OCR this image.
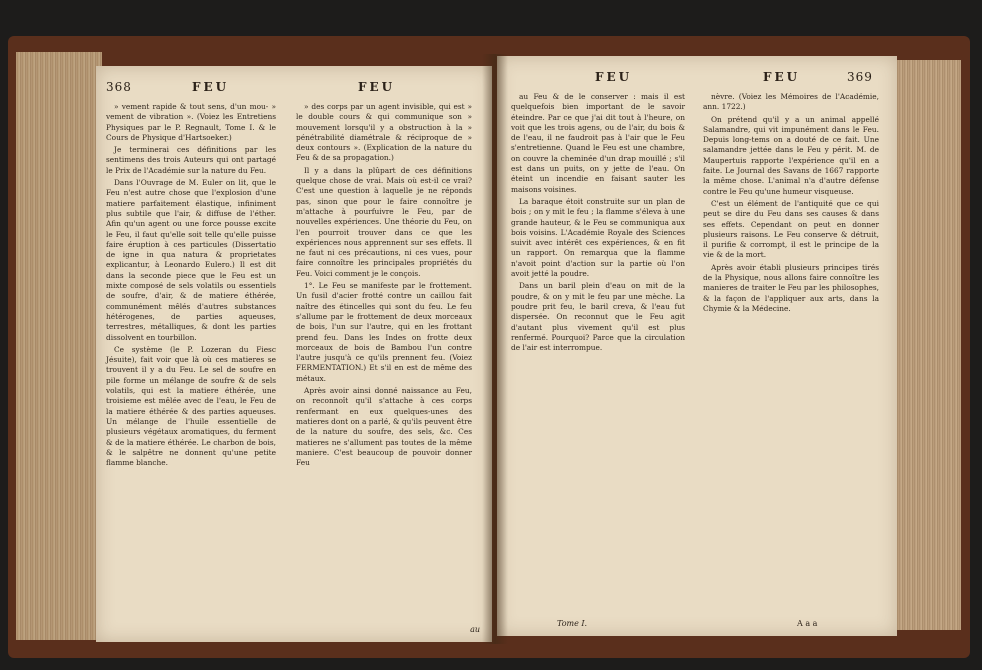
368	FEU	FEU

» vement rapide & tout sens, d'un mou- » vement de vibration ». (Voiez les Entretiens Physiques par le P. Regnault, Tome I. & le Cours de Physique d'Hartsoeker.)

Je terminerai ces définitions par les sentimens des trois Auteurs qui ont partagé le Prix de l'Académie sur la nature du Feu.

Dans l'Ouvrage de M. Euler on lit, que le Feu n'est autre chose que l'explosion d'une matiere parfaitement élastique, infiniment plus subtile que l'air, & diffuse de l'éther. Afin qu'un agent ou une force pousse excite le Feu, il faut qu'elle soit telle qu'elle puisse faire éruption à ces particules (Dissertatio de igne in qua natura & proprietates explicantur, à Leonardo Eulero.) Il est dit dans la seconde piece que le Feu est un mixte composé de sels volatils ou essentiels de soufre, d'air, & de matiere éthérée, communément mêlés d'autres substances hétérogenes, de parties aqueuses, terrestres, métalliques, & dont les parties dissolvent en tourbillon.

Ce système (le P. Lozeran du Fiesc Jésuite), fait voir que là où ces matieres se trouvent il y a du Feu. Le sel de soufre en pile forme un mélange de soufre & de sels volatils, qui est la matiere éthérée, une troisieme est mêlée avec de l'eau, le Feu de la matiere éthérée & des parties aqueuses. Un mélange de l'huile essentielle de plusieurs végétaux aromatiques, du ferment & de la matiere éthérée. Le charbon de bois, & le salpêtre ne donnent qu'une petite flamme blanche.

» des corps par un agent invisible, qui est » le double cours & qui communique son » mouvement lorsqu'il y a obstruction à la » pénétrabilité diamétrale & réciproque de » deux contours ». (Explication de la nature du Feu & de sa propagation.)

Il y a dans la plûpart de ces définitions quelque chose de vrai. Mais où est-il ce vrai? C'est une question à laquelle je ne réponds pas, sinon que pour le faire connoître je m'attache à pourfuivre le Feu, par de nouvelles expériences. Une théorie du Feu, on l'en pourroit trouver dans ce que les expériences nous apprennent sur ses effets. Il ne faut ni ces précautions, ni ces vues, pour faire connoître les principales propriétés du Feu. Voici comment je le conçois.

1°. Le Feu se manifeste par le frottement. Un fusil d'acier frotté contre un caillou fait naître des étincelles qui sont du feu. Le feu s'allume par le frottement de deux morceaux de bois, l'un sur l'autre, qui en les frottant prend feu. Dans les Indes on frotte deux morceaux de bois de Bambou l'un contre l'autre jusqu'à ce qu'ils prennent feu. (Voiez FERMENTATION.) Et s'il en est de même des métaux.

Après avoir ainsi donné naissance au Feu, on reconnoît qu'il s'attache à ces corps renfermant en eux quelques-unes des matieres dont on a parlé, & qu'ils peuvent être de la nature du soufre, des sels, &c. Ces matieres ne s'allument pas toutes de la même maniere. C'est beaucoup de pouvoir donner Feu

au
FEU	FEU	369

au Feu & de le conserver : mais il est quelquefois bien important de le savoir éteindre. Par ce que j'ai dit tout à l'heure, on voit que les trois agens, ou de l'air, du bois & de l'eau, il ne faudroit pas à l'air que le Feu s'entretienne. Quand le Feu est une chambre, on couvre la cheminée d'un drap mouillé ; s'il est dans un puits, on y jette de l'eau. On éteint un incendie en faisant sauter les maisons voisines.

La baraque étoit construite sur un plan de bois ; on y mit le feu ; la flamme s'éleva à une grande hauteur, & le Feu se communiqua aux bois voisins. L'Académie Royale des Sciences suivit avec intérêt ces expériences, & en fit un rapport. On remarqua que la flamme n'avoit point d'action sur la partie où l'on avoit jetté la poudre.

Dans un baril plein d'eau on mit de la poudre, & on y mit le feu par une mèche. La poudre prit feu, le baril creva, & l'eau fut dispersée. On reconnut que le Feu agit d'autant plus vivement qu'il est plus renfermé. Pourquoi? Parce que la circulation de l'air est interrompue.

nèvre. (Voiez les Mémoires de l'Académie, ann. 1722.)

On prétend qu'il y a un animal appellé Salamandre, qui vit impunément dans le Feu. Depuis long-tems on a douté de ce fait. Une salamandre jettée dans le Feu y périt. M. de Maupertuis rapporte l'expérience qu'il en a faite. Le Journal des Savans de 1667 rapporte la même chose. L'animal n'a d'autre défense contre le Feu qu'une humeur visqueuse.

C'est un élément de l'antiquité que ce qui peut se dire du Feu dans ses causes & dans ses effets. Cependant on peut en donner plusieurs raisons. Le Feu conserve & détruit, il purifie & corrompt, il est le principe de la vie & de la mort.

Après avoir établi plusieurs principes tirés de la Physique, nous allons faire connoître les manieres de traiter le Feu par les philosophes, & la façon de l'appliquer aux arts, dans la Chymie & la Médecine.

Tome I.	A a a
